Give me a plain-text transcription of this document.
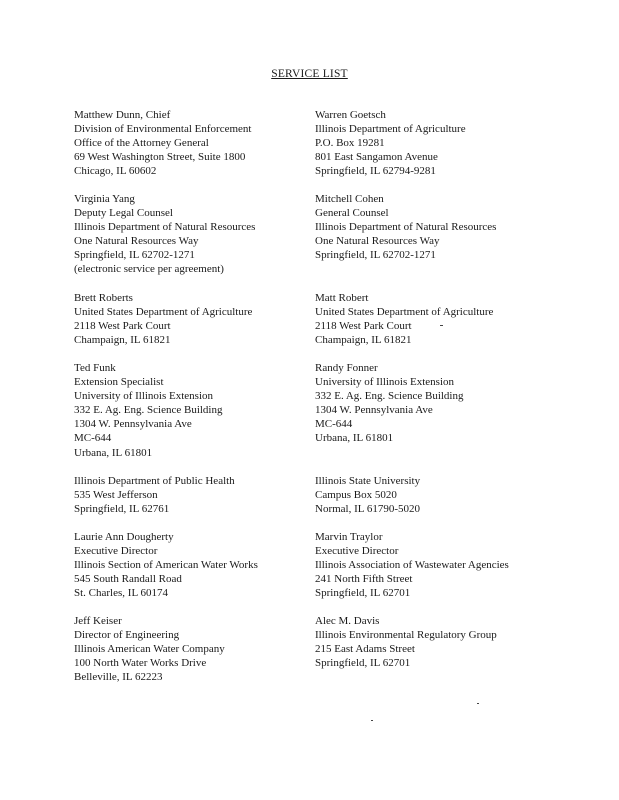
SERVICE LIST
Matthew Dunn, Chief
Division of Environmental Enforcement
Office of the Attorney General
69 West Washington Street, Suite 1800
Chicago, IL 60602
Virginia Yang
Deputy Legal Counsel
Illinois Department of Natural Resources
One Natural Resources Way
Springfield, IL 62702-1271
(electronic service per agreement)
Brett Roberts
United States Department of Agriculture
2118 West Park Court
Champaign, IL 61821
Ted Funk
Extension Specialist
University of Illinois Extension
332 E. Ag. Eng. Science Building
1304 W. Pennsylvania Ave
MC-644
Urbana, IL 61801
Illinois Department of Public Health
535 West Jefferson
Springfield, IL 62761
Laurie Ann Dougherty
Executive Director
Illinois Section of American Water Works
545 South Randall Road
St. Charles, IL 60174
Jeff Keiser
Director of Engineering
Illinois American Water Company
100 North Water Works Drive
Belleville, IL 62223
Warren Goetsch
Illinois Department of Agriculture
P.O. Box 19281
801 East Sangamon Avenue
Springfield, IL 62794-9281
Mitchell Cohen
General Counsel
Illinois Department of Natural Resources
One Natural Resources Way
Springfield, IL 62702-1271
Matt Robert
United States Department of Agriculture
2118 West Park Court
Champaign, IL 61821
Randy Fonner
University of Illinois Extension
332 E. Ag. Eng. Science Building
1304 W. Pennsylvania Ave
MC-644
Urbana, IL 61801
Illinois State University
Campus Box 5020
Normal, IL 61790-5020
Marvin Traylor
Executive Director
Illinois Association of Wastewater Agencies
241 North Fifth Street
Springfield, IL 62701
Alec M. Davis
Illinois Environmental Regulatory Group
215 East Adams Street
Springfield, IL 62701
